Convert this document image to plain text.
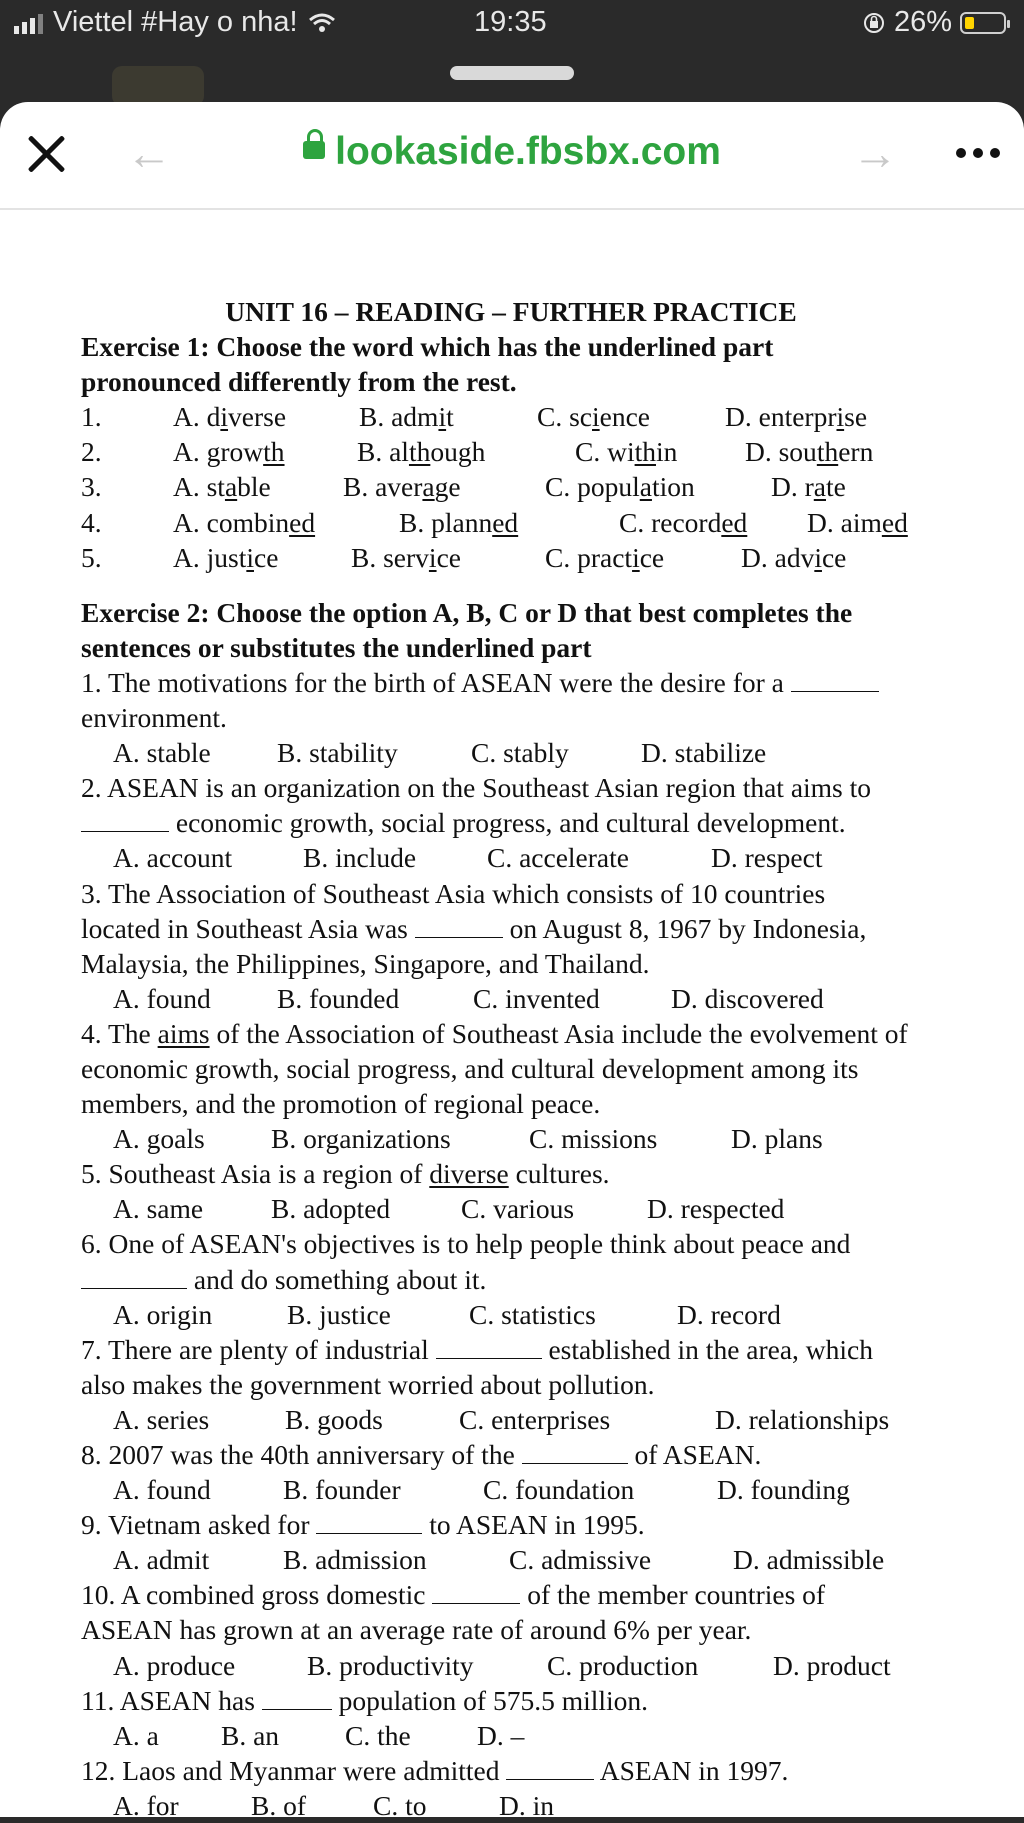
Viettel #Hay o nha!	19:35	26%
←	lookaside.fbsbx.com	→
UNIT 16 – READING – FURTHER PRACTICE
Exercise 1: Choose the word which has the underlined part
pronounced differently from the rest.
1.	A. diverse	B. admit	C. science	D. enterprise
2.	A. growth	B. although	C. within D. southern
3.	A. stable	B. average	C. population	D. rate
4.	A. combined	B. planned	C. recorded D. aimed
5.	A. justice	B. service	C. practice	D. advice
Exercise 2: Choose the option A, B, C or D that best completes the
sentences or substitutes the underlined part
1. The motivations for the birth of ASEAN were the desire for a
environment.
A. stable B. stability	C. stably	D. stabilize
2. ASEAN is an organization on the Southeast Asian region that aims to
economic growth, social progress, and cultural development.
A. account	B. include	C. accelerate	D. respect
3. The Association of Southeast Asia which consists of 10 countries
located in Southeast Asia was	on August 8, 1967 by Indonesia,
Malaysia, the Philippines, Singapore, and Thailand.
A. found B. founded	C. invented	D. discovered
4. The aims of the Association of Southeast Asia include the evolvement of
economic growth, social progress, and cultural development among its
members, and the promotion of regional peace.
A. goals B. organizations	C. missions	D. plans
5. Southeast Asia is a region of diverse cultures.
A. same B. adopted	C. various	D. respected
6. One of ASEAN's objectives is to help people think about peace and
and do something about it.
A. origin	B. justice	C. statistics	D. record
7. There are plenty of industrial	established in the area, which
also makes the government worried about pollution.
A. series	B. goods	C. enterprises	D. relationships
8. 2007 was the 40th anniversary of the	of ASEAN.
A. found	B. founder	C. foundation	D. founding
9. Vietnam asked for	to ASEAN in 1995.
A. admit	B. admission	C. admissive	D. admissible
10. A combined gross domestic	of the member countries of
ASEAN has grown at an average rate of around 6% per year.
A. produce	B. productivity	C. production	D. product
11. ASEAN has	population of 575.5 million.
A. a B. an C. the D. –
12. Laos and Myanmar were admitted	ASEAN in 1997.
A. for	B. of C. to	D. in
